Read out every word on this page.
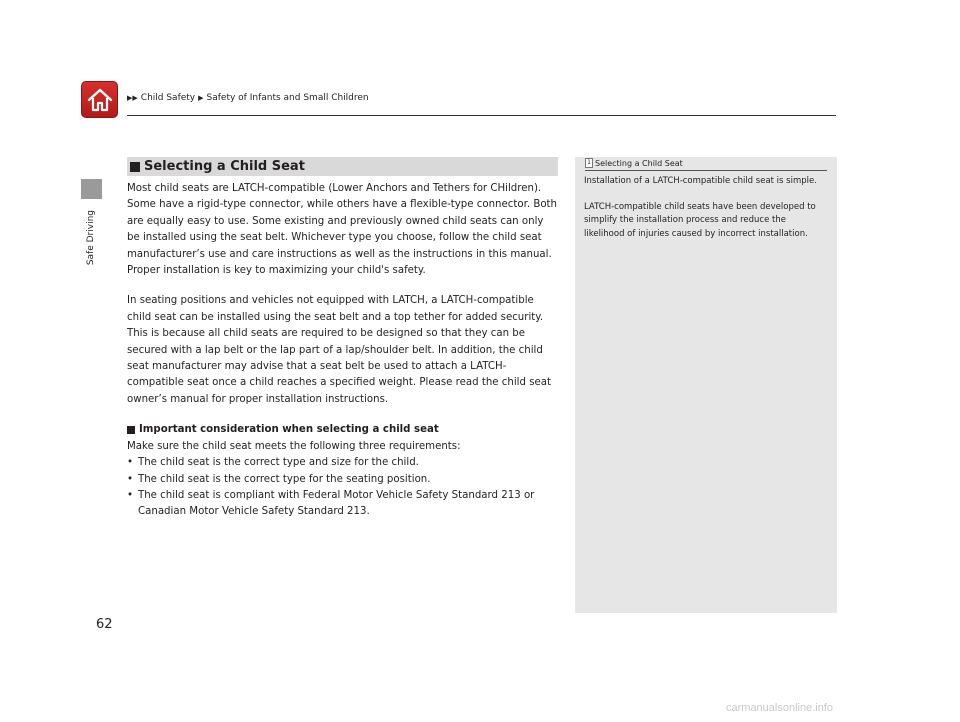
▶▶ Child Safety ▶ Safety of Infants and Small Children
Safe Driving
Selecting a Child Seat

Most child seats are LATCH-compatible (Lower Anchors and Tethers for CHildren). Some have a rigid-type connector, while others have a flexible-type connector. Both are equally easy to use. Some existing and previously owned child seats can only be installed using the seat belt. Whichever type you choose, follow the child seat manufacturer’s use and care instructions as well as the instructions in this manual. Proper installation is key to maximizing your child's safety.

In seating positions and vehicles not equipped with LATCH, a LATCH-compatible child seat can be installed using the seat belt and a top tether for added security. This is because all child seats are required to be designed so that they can be secured with a lap belt or the lap part of a lap/shoulder belt. In addition, the child seat manufacturer may advise that a seat belt be used to attach a LATCH-compatible seat once a child reaches a specified weight. Please read the child seat owner’s manual for proper installation instructions.

Important consideration when selecting a child seat

Make sure the child seat meets the following three requirements:

• The child seat is the correct type and size for the child.
• The child seat is the correct type for the seating position.
• The child seat is compliant with Federal Motor Vehicle Safety Standard 213 or Canadian Motor Vehicle Safety Standard 213.
1 Selecting a Child Seat

Installation of a LATCH-compatible child seat is simple.

LATCH-compatible child seats have been developed to simplify the installation process and reduce the likelihood of injuries caused by incorrect installation.

62
carmanualsonline.info
